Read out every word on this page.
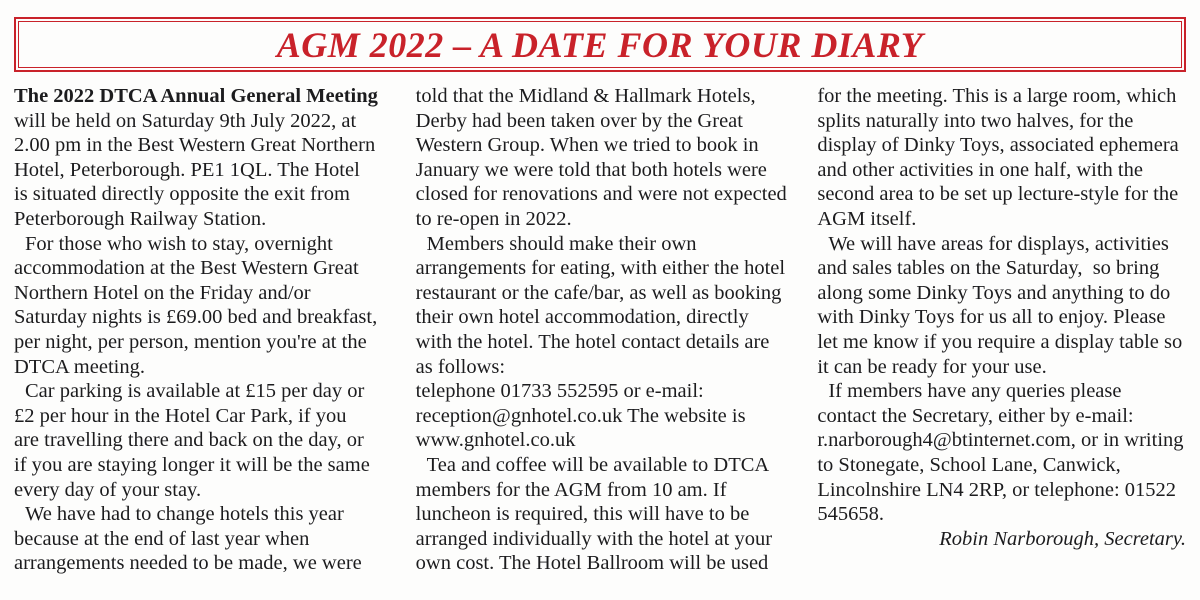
AGM 2022 – A DATE FOR YOUR DIARY
The 2022 DTCA Annual General Meeting
will be held on Saturday 9th July 2022, at
2.00 pm in the Best Western Great Northern
Hotel, Peterborough. PE1 1QL. The Hotel
is situated directly opposite the exit from
Peterborough Railway Station.
For those who wish to stay, overnight
accommodation at the Best Western Great
Northern Hotel on the Friday and/or
Saturday nights is £69.00 bed and breakfast,
per night, per person, mention you're at the
DTCA meeting.
Car parking is available at £15 per day or
£2 per hour in the Hotel Car Park, if you
are travelling there and back on the day, or
if you are staying longer it will be the same
every day of your stay.
We have had to change hotels this year
because at the end of last year when
arrangements needed to be made, we were
told that the Midland & Hallmark Hotels,
Derby had been taken over by the Great
Western Group. When we tried to book in
January we were told that both hotels were
closed for renovations and were not expected
to re-open in 2022.
Members should make their own
arrangements for eating, with either the hotel
restaurant or the cafe/bar, as well as booking
their own hotel accommodation, directly
with the hotel. The hotel contact details are
as follows:
telephone 01733 552595 or e-mail:
reception@gnhotel.co.uk The website is
www.gnhotel.co.uk
Tea and coffee will be available to DTCA
members for the AGM from 10 am. If
luncheon is required, this will have to be
arranged individually with the hotel at your
own cost. The Hotel Ballroom will be used
for the meeting. This is a large room, which
splits naturally into two halves, for the
display of Dinky Toys, associated ephemera
and other activities in one half, with the
second area to be set up lecture-style for the
AGM itself.
We will have areas for displays, activities
and sales tables on the Saturday,  so bring
along some Dinky Toys and anything to do
with Dinky Toys for us all to enjoy. Please
let me know if you require a display table so
it can be ready for your use.
If members have any queries please
contact the Secretary, either by e-mail:
r.narborough4@btinternet.com, or in writing
to Stonegate, School Lane, Canwick,
Lincolnshire LN4 2RP, or telephone: 01522
545658.
Robin Narborough, Secretary.
